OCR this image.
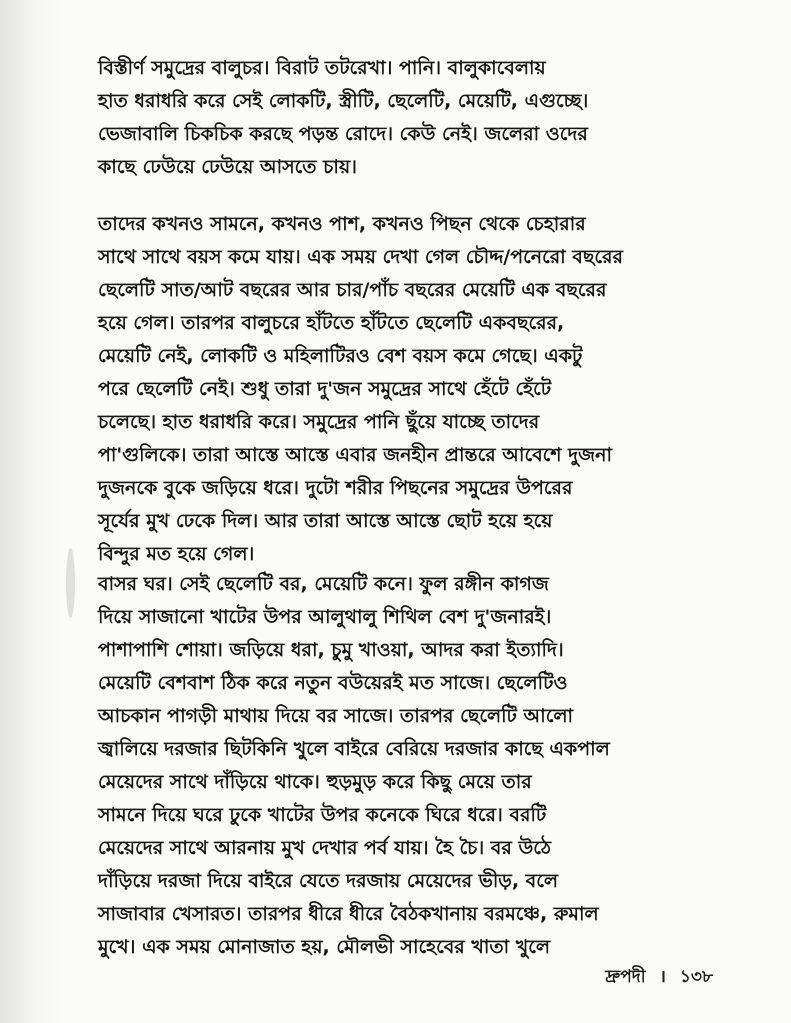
বিস্তীর্ণ সমুদ্রের বালুচর। বিরাট তটরেখা। পানি। বালুকাবেলায়
হাত ধরাধরি করে সেই লোকটি, স্ত্রীটি, ছেলেটি, মেয়েটি, এগুচ্ছে।
ভেজাবালি চিকচিক করছে পড়ন্ত রোদে। কেউ নেই। জলেরা ওদের
কাছে ঢেউয়ে ঢেউয়ে আসতে চায়।

তাদের কখনও সামনে, কখনও পাশ, কখনও পিছন থেকে চেহারার
সাথে সাথে বয়স কমে যায়। এক সময় দেখা গেল চৌদ্দ/পনেরো বছরের
ছেলেটি সাত/আট বছরের আর চার/পাঁচ বছরের মেয়েটি এক বছরের
হয়ে গেল। তারপর বালুচরে হাঁটতে হাঁটতে ছেলেটি একবছরের,
মেয়েটি নেই, লোকটি ও মহিলাটিরও বেশ বয়স কমে গেছে। একটু
পরে ছেলেটি নেই। শুধু তারা দু'জন সমুদ্রের সাথে হেঁটে হেঁটে
চলেছে। হাত ধরাধরি করে। সমুদ্রের পানি ছুঁয়ে যাচ্ছে তাদের
পা'গুলিকে। তারা আস্তে আস্তে এবার জনহীন প্রান্তরে আবেশে দুজনা
দুজনকে বুকে জড়িয়ে ধরে। দুটো শরীর পিছনের সমুদ্রের উপরের
সূর্যের মুখ ঢেকে দিল। আর তারা আস্তে আস্তে ছোট হয়ে হয়ে
বিন্দুর মত হয়ে গেল।

বাসর ঘর। সেই ছেলেটি বর, মেয়েটি কনে। ফুল রঙ্গীন কাগজ
দিয়ে সাজানো খাটের উপর আলুথালু শিথিল বেশ দু'জনারই।
পাশাপাশি শোয়া। জড়িয়ে ধরা, চুমু খাওয়া, আদর করা ইত্যাদি।
মেয়েটি বেশবাশ ঠিক করে নতুন বউয়েরই মত সাজে। ছেলেটিও
আচকান পাগড়ী মাথায় দিয়ে বর সাজে। তারপর ছেলেটি আলো
জ্বালিয়ে দরজার ছিটকিনি খুলে বাইরে বেরিয়ে দরজার কাছে একপাল
মেয়েদের সাথে দাঁড়িয়ে থাকে। হুড়মুড় করে কিছু মেয়ে তার
সামনে দিয়ে ঘরে ঢুকে খাটের উপর কনেকে ঘিরে ধরে। বরটি
মেয়েদের সাথে আরনায় মুখ দেখার পর্ব যায়। হৈ চৈ। বর উঠে
দাঁড়িয়ে দরজা দিয়ে বাইরে যেতে দরজায় মেয়েদের ভীড়, বলে
সাজাবার খেসারত। তারপর ধীরে ধীরে বৈঠকখানায় বরমঞ্চে, রুমাল
মুখে। এক সময় মোনাজাত হয়, মৌলভী সাহেবের খাতা খুলে

দ্রুপদী । ১৩৮
